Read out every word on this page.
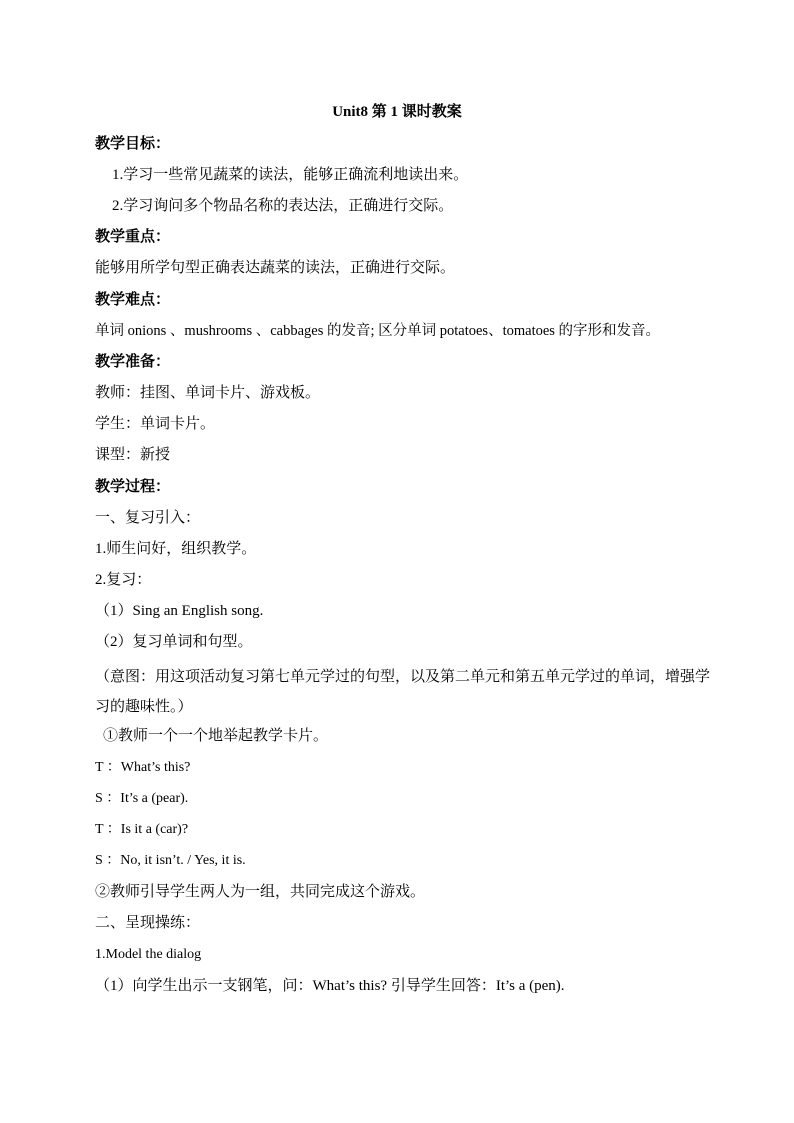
Unit8 第 1 课时教案
教学目标：
1.学习一些常见蔬菜的读法，能够正确流利地读出来。
2.学习询问多个物品名称的表达法，正确进行交际。
教学重点：
能够用所学句型正确表达蔬菜的读法，正确进行交际。
教学难点：
单词 onions 、mushrooms 、cabbages 的发音; 区分单词 potatoes、tomatoes 的字形和发音。
教学准备：
教师：挂图、单词卡片、游戏板。
学生：单词卡片。
课型：新授
教学过程：
一、复习引入：
1.师生问好，组织教学。
2.复习：
（1）Sing an English song.
（2）复习单词和句型。
（意图：用这项活动复习第七单元学过的句型，以及第二单元和第五单元学过的单词，增强学习的趣味性。）
①教师一个一个地举起教学卡片。
T ：What’s this?
S ：It’s a (pear).
T ：Is it a (car)?
S ：No, it isn’t. / Yes, it is.
②教师引导学生两人为一组，共同完成这个游戏。
二、呈现操练：
1.Model the dialog
（1）向学生出示一支钢笔，问：What’s this? 引导学生回答：It’s a (pen).
